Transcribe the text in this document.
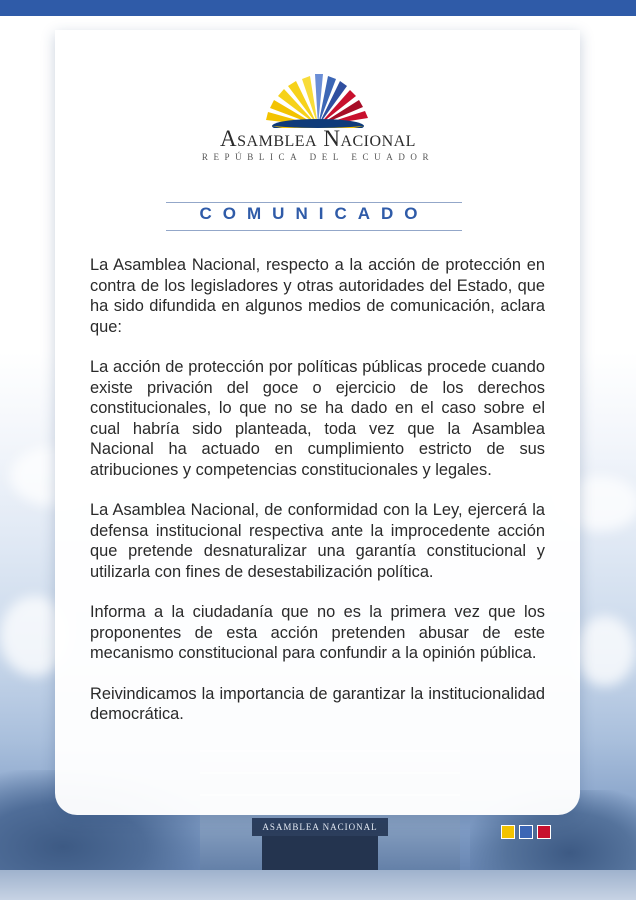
ASAMBLEA NACIONAL
Asamblea Nacional
REPÚBLICA DEL ECUADOR
COMUNICADO

La Asamblea Nacional, respecto a la acción de protección en contra de los legisladores y otras autoridades del Estado, que ha sido difundida en algunos medios de comunicación, aclara que:

La acción de protección por políticas públicas procede cuando existe privación del goce o ejercicio de los derechos constitucionales, lo que no se ha dado en el caso sobre el cual habría sido planteada, toda vez que la Asamblea Nacional ha actuado en cumplimiento estricto de sus atribuciones y competencias constitucionales y legales.

La Asamblea Nacional, de conformidad con la Ley, ejercerá la defensa institucional respectiva ante la improcedente acción que pretende desnaturalizar una garantía constitucional y utilizarla con fines de desestabilización política.

Informa a la ciudadanía que no es la primera vez que los proponentes de esta acción pretenden abusar de este mecanismo constitucional para confundir a la opinión pública.

Reivindicamos la importancia de garantizar la institucionalidad democrática.
